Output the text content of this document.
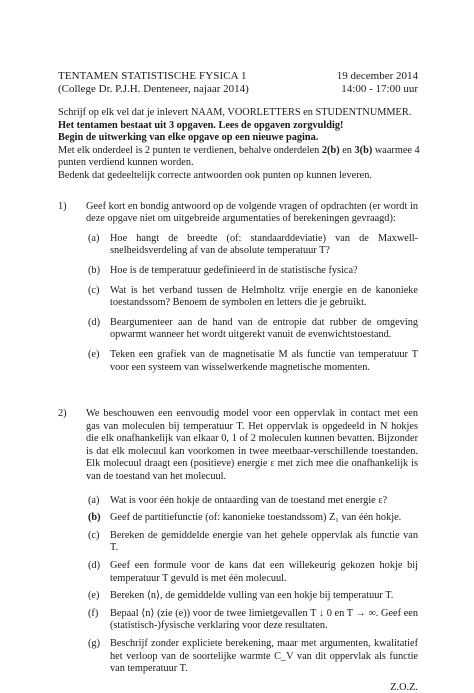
TENTAMEN STATISTISCHE FYSICA 1	19 december 2014
(College Dr. P.J.H. Denteneer, najaar 2014)	14:00 - 17:00 uur
Schrijf op elk vel dat je inlevert NAAM, VOORLETTERS en STUDENTNUMMER.
Het tentamen bestaat uit 3 opgaven. Lees de opgaven zorgvuldig!
Begin de uitwerking van elke opgave op een nieuwe pagina.
Met elk onderdeel is 2 punten te verdienen, behalve onderdelen 2(b) en 3(b) waarmee 4
punten verdiend kunnen worden.
Bedenk dat gedeeltelijk correcte antwoorden ook punten op kunnen leveren.
1) Geef kort en bondig antwoord op de volgende vragen of opdrachten (er wordt in deze opgave niet om uitgebreide argumentaties of berekeningen gevraagd):
(a) Hoe hangt de breedte (of: standaarddeviatie) van de Maxwell-snelheidsverdeling af van de absolute temperatuur T?
(b) Hoe is de temperatuur gedefinieerd in de statistische fysica?
(c) Wat is het verband tussen de Helmholtz vrije energie en de kanonieke toestandssom? Benoem de symbolen en letters die je gebruikt.
(d) Beargumenteer aan de hand van de entropie dat rubber de omgeving opwarmt wanneer het wordt uitgerekt vanuit de evenwichtstoestand.
(e) Teken een grafiek van de magnetisatie M als functie van temperatuur T voor een systeem van wisselwerkende magnetische momenten.
2) We beschouwen een eenvoudig model voor een oppervlak in contact met een gas van moleculen bij temperatuur T. Het oppervlak is opgedeeld in N hokjes die elk onafhankelijk van elkaar 0, 1 of 2 moleculen kunnen bevatten. Bijzonder is dat elk molecuul kan voorkomen in twee meetbaar-verschillende toestanden. Elk molecuul draagt een (positieve) energie ε met zich mee die onafhankelijk is van de toestand van het molecuul.
(a) Wat is voor één hokje de ontaarding van de toestand met energie ε?
(b) Geef de partitiefunctie (of: kanonieke toestandssom) Z₁ van één hokje.
(c) Bereken de gemiddelde energie van het gehele oppervlak als functie van T.
(d) Geef een formule voor de kans dat een willekeurig gekozen hokje bij temperatuur T gevuld is met één molecuul.
(e) Bereken ⟨n⟩, de gemiddelde vulling van een hokje bij temperatuur T.
(f) Bepaal ⟨n⟩ (zie (e)) voor de twee limietgevallen T ↓ 0 en T → ∞. Geef een (statistisch-)fysische verklaring voor deze resultaten.
(g) Beschrijf zonder expliciete berekening, maar met argumenten, kwalitatief het verloop van de soortelijke warmte C_V van dit oppervlak als functie van temperatuur T.
Z.O.Z.
